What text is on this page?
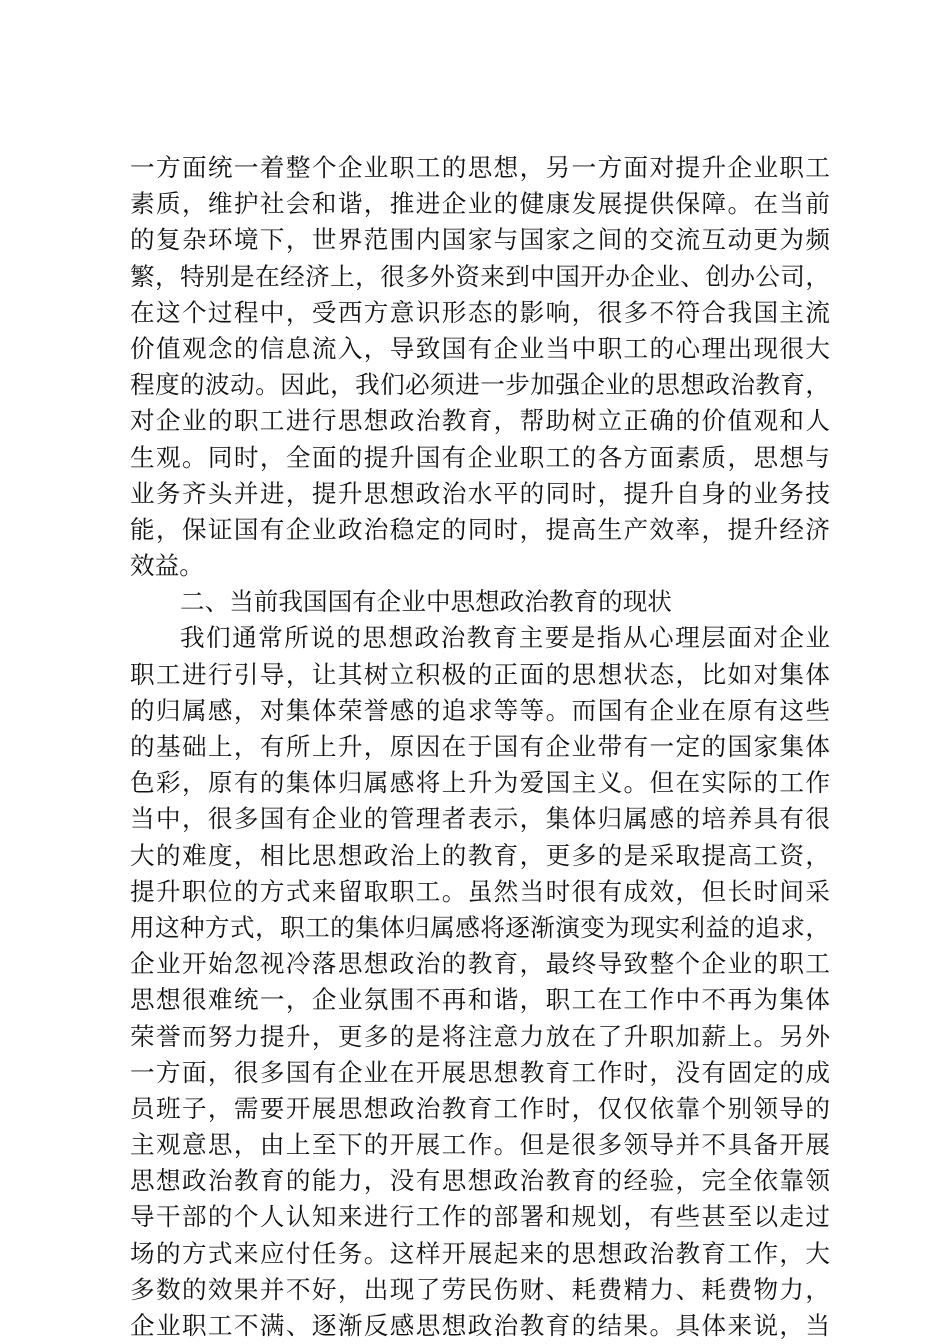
一方面统一着整个企业职工的思想，另一方面对提升企业职工
素质，维护社会和谐，推进企业的健康发展提供保障。在当前
的复杂环境下，世界范围内国家与国家之间的交流互动更为频
繁，特别是在经济上，很多外资来到中国开办企业、创办公司，
在这个过程中，受西方意识形态的影响，很多不符合我国主流
价值观念的信息流入，导致国有企业当中职工的心理出现很大
程度的波动。因此，我们必须进一步加强企业的思想政治教育，
对企业的职工进行思想政治教育，帮助树立正确的价值观和人
生观。同时，全面的提升国有企业职工的各方面素质，思想与
业务齐头并进，提升思想政治水平的同时，提升自身的业务技
能，保证国有企业政治稳定的同时，提高生产效率，提升经济
效益。
二、当前我国国有企业中思想政治教育的现状
我们通常所说的思想政治教育主要是指从心理层面对企业
职工进行引导，让其树立积极的正面的思想状态，比如对集体
的归属感，对集体荣誉感的追求等等。而国有企业在原有这些
的基础上，有所上升，原因在于国有企业带有一定的国家集体
色彩，原有的集体归属感将上升为爱国主义。但在实际的工作
当中，很多国有企业的管理者表示，集体归属感的培养具有很
大的难度，相比思想政治上的教育，更多的是采取提高工资，
提升职位的方式来留取职工。虽然当时很有成效，但长时间采
用这种方式，职工的集体归属感将逐渐演变为现实利益的追求，
企业开始忽视冷落思想政治的教育，最终导致整个企业的职工
思想很难统一，企业氛围不再和谐，职工在工作中不再为集体
荣誉而努力提升，更多的是将注意力放在了升职加薪上。另外
一方面，很多国有企业在开展思想教育工作时，没有固定的成
员班子，需要开展思想政治教育工作时，仅仅依靠个别领导的
主观意思，由上至下的开展工作。但是很多领导并不具备开展
思想政治教育的能力，没有思想政治教育的经验，完全依靠领
导干部的个人认知来进行工作的部署和规划，有些甚至以走过
场的方式来应付任务。这样开展起来的思想政治教育工作，大
多数的效果并不好，出现了劳民伤财、耗费精力、耗费物力，
企业职工不满、逐渐反感思想政治教育的结果。具体来说，当
